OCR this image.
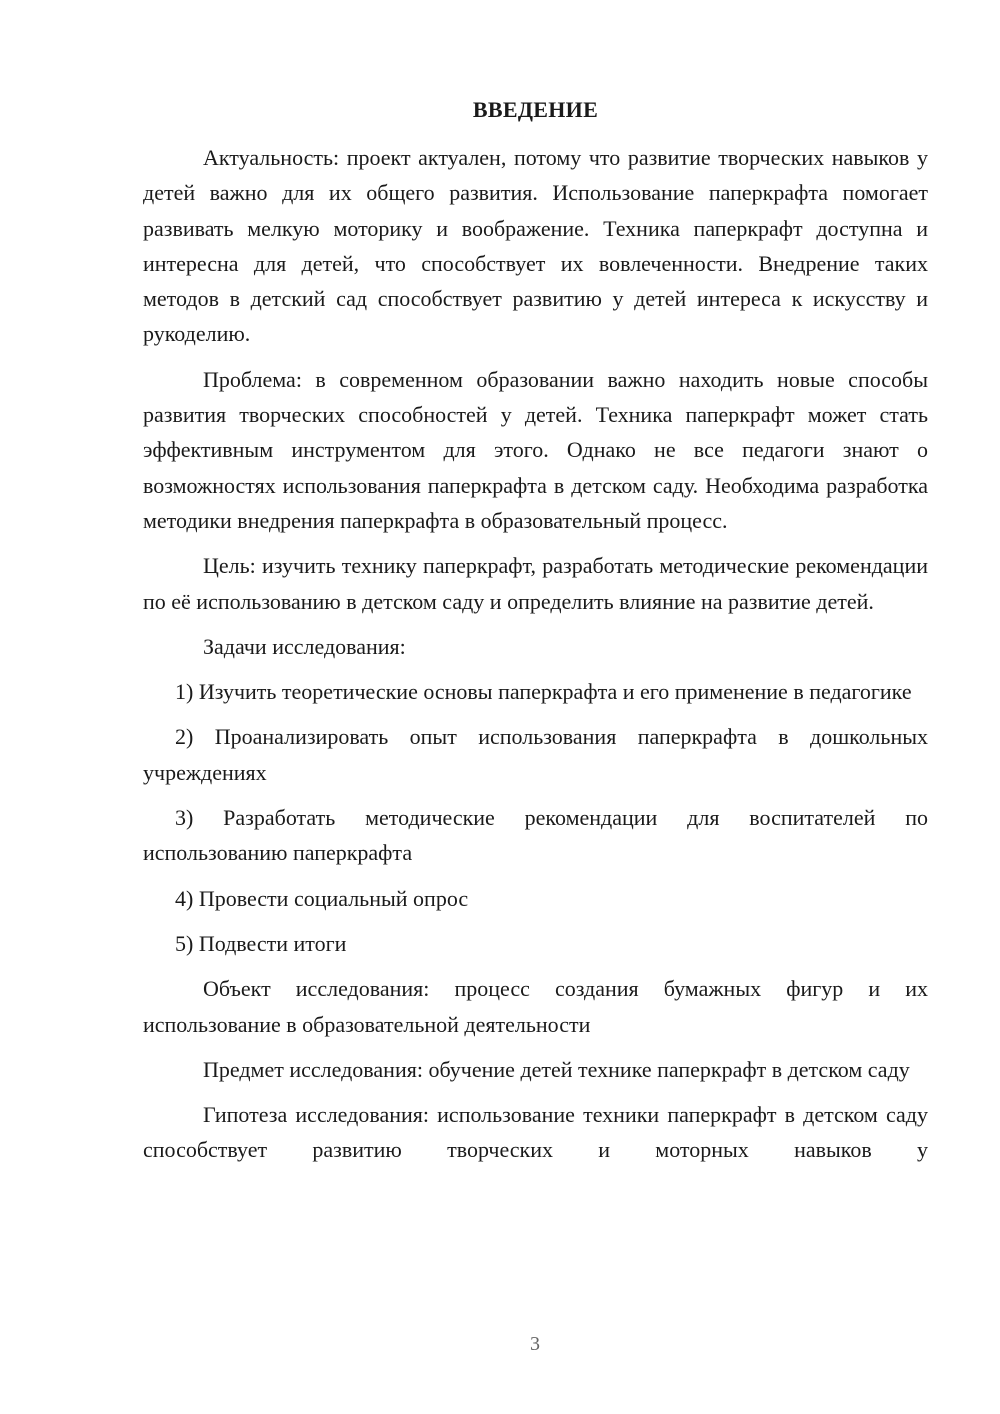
ВВЕДЕНИЕ

Актуальность: проект актуален, потому что развитие творческих навыков у детей важно для их общего развития. Использование паперкрафта помогает развивать мелкую моторику и воображение. Техника паперкрафт доступна и интересна для детей, что способствует их вовлеченности. Внедрение таких методов в детский сад способствует развитию у детей интереса к искусству и рукоделию.

Проблема: в современном образовании важно находить новые способы развития творческих способностей у детей. Техника паперкрафт может стать эффективным инструментом для этого. Однако не все педагоги знают о возможностях использования паперкрафта в детском саду. Необходима разработка методики внедрения паперкрафта в образовательный процесс.

Цель: изучить технику паперкрафт, разработать методические рекомендации по её использованию в детском саду и определить влияние на развитие детей.

Задачи исследования:

1) Изучить теоретические основы паперкрафта и его применение в педагогике

2) Проанализировать опыт использования паперкрафта в дошкольных учреждениях

3) Разработать методические рекомендации для воспитателей по использованию паперкрафта

4) Провести социальный опрос

5) Подвести итоги

Объект исследования: процесс создания бумажных фигур и их использование в образовательной деятельности

Предмет исследования: обучение детей технике паперкрафт в детском саду

Гипотеза исследования: использование техники паперкрафт в детском саду способствует развитию творческих и моторных навыков у

3
